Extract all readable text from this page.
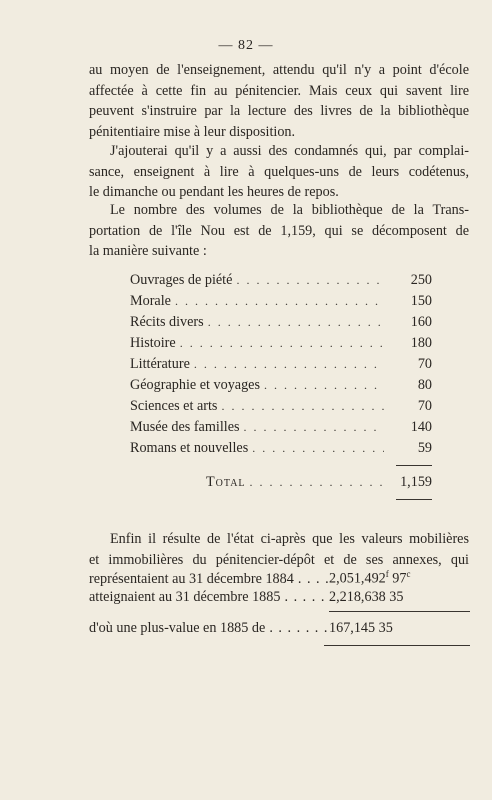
— 82 —
au moyen de l'enseignement, attendu qu'il n'y a point d'école
affectée à cette fin au pénitencier. Mais ceux qui savent lire
peuvent s'instruire par la lecture des livres de la bibliothèque
pénitentiaire mise à leur disposition.
J'ajouterai qu'il y a aussi des condamnés qui, par complai-
sance, enseignent à lire à quelques-uns de leurs codétenus,
le dimanche ou pendant les heures de repos.
Le nombre des volumes de la bibliothèque de la Trans-
portation de l'île Nou est de 1,159, qui se décomposent de
la manière suivante :
Ouvrages de piété . . .	250
Morale . . .	150
Récits divers . . .	160
Histoire . . .	180
Littérature . . .	70
Géographie et voyages . . .	80
Sciences et arts . . .	70
Musée des familles . . .	140
Romans et nouvelles . . .	59
Total . . .	1,159
Enfin il résulte de l'état ci-après que les valeurs mobilières
et immobilières du pénitencier-dépôt et de ses annexes, qui
représentaient au 31 décembre 1884 . . . 2,051,492$^f$ 97$^c$
atteignaient au 31 décembre 1885 . . .	2,218,638 35
d'où une plus-value en 1885 de . . .	167,145 35
